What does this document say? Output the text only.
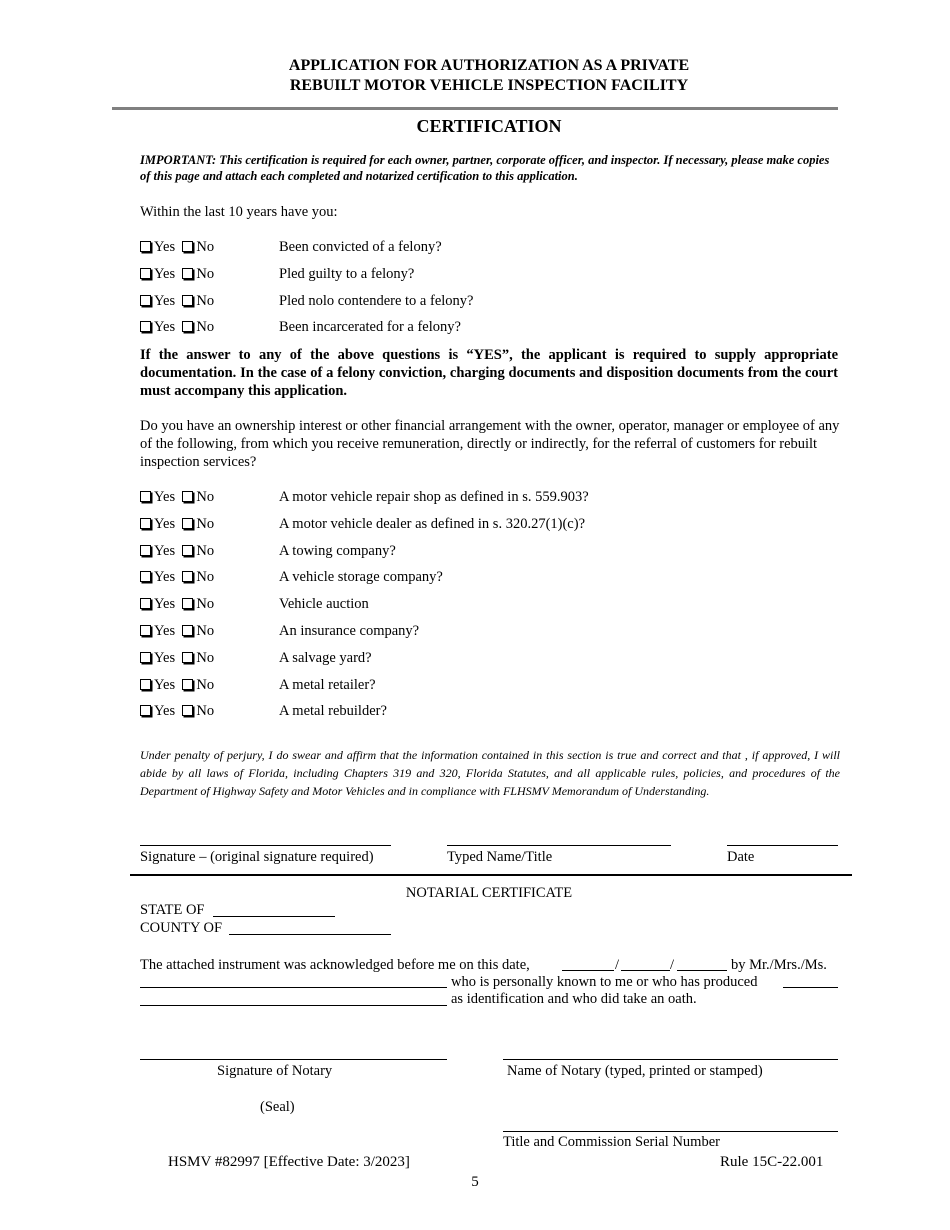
APPLICATION FOR AUTHORIZATION AS A PRIVATE
REBUILT MOTOR VEHICLE INSPECTION FACILITY
CERTIFICATION
IMPORTANT: This certification is required for each owner, partner, corporate officer, and inspector. If necessary, please make copies of this page and attach each completed and notarized certification to this application.
Within the last 10 years have you:
Yes No	Been convicted of a felony?
Yes No	Pled guilty to a felony?
Yes No	Pled nolo contendere to a felony?
Yes No	Been incarcerated for a felony?
If the answer to any of the above questions is “YES”, the applicant is required to supply appropriate documentation. In the case of a felony conviction, charging documents and disposition documents from the court must accompany this application.
Do you have an ownership interest or other financial arrangement with the owner, operator, manager or employee of any of the following, from which you receive remuneration, directly or indirectly, for the referral of customers for rebuilt inspection services?
Yes No	A motor vehicle repair shop as defined in s. 559.903?
Yes No	A motor vehicle dealer as defined in s. 320.27(1)(c)?
Yes No	A towing company?
Yes No	A vehicle storage company?
Yes No	Vehicle auction
Yes No	An insurance company?
Yes No	A salvage yard?
Yes No	A metal retailer?
Yes No	A metal rebuilder?
Under penalty of perjury, I do swear and affirm that the information contained in this section is true and correct and that , if approved, I will abide by all laws of Florida, including Chapters 319 and 320, Florida Statutes, and all applicable rules, policies, and procedures of the Department of Highway Safety and Motor Vehicles and in compliance with FLHSMV Memorandum of Understanding.
Signature – (original signature required)	Typed Name/Title	Date
NOTARIAL CERTIFICATE
STATE OF
COUNTY OF
The attached instrument was acknowledged before me on this date,	/	/	by Mr./Mrs./Ms.
who is personally known to me or who has produced
as identification and who did take an oath.
Signature of Notary	Name of Notary (typed, printed or stamped)
(Seal)
Title and Commission Serial Number
HSMV #82997 [Effective Date: 3/2023]	Rule 15C-22.001
5
